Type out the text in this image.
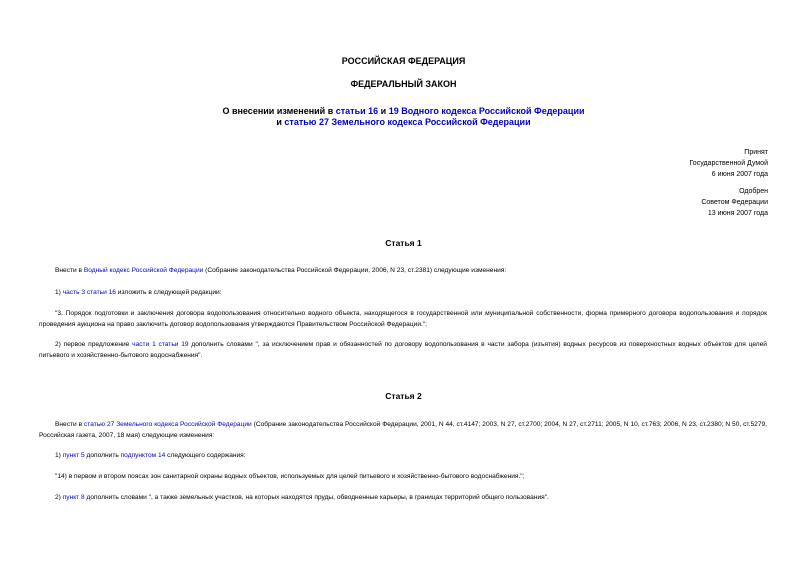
РОССИЙСКАЯ ФЕДЕРАЦИЯ
ФЕДЕРАЛЬНЫЙ ЗАКОН
О внесении изменений в статьи 16 и 19 Водного кодекса Российской Федерации
и статью 27 Земельного кодекса Российской Федерации
Принят
Государственной Думой
6 июня 2007 года
Одобрен
Советом Федерации
13 июня 2007 года
Статья 1
Внести в Водный кодекс Российской Федерации (Собрание законодательства Российской Федерации, 2006, N 23, ст.2381) следующие изменения:
1) часть 3 статьи 16 изложить в следующей редакции:
"3. Порядок подготовки и заключения договора водопользования относительно водного объекта, находящегося в государственной или муниципальной собственности, форма примерного договора водопользования и порядок проведения аукциона на право заключить договор водопользования утверждаются Правительством Российской Федерации.";
2) первое предложение части 1 статьи 19 дополнить словами ", за исключением прав и обязанностей по договору водопользования в части забора (изъятия) водных ресурсов из поверхностных водных объектов для целей питьевого и хозяйственно-бытового водоснабжения".
Статья 2
Внести в статью 27 Земельного кодекса Российской Федерации (Собрание законодательства Российской Федерации, 2001, N 44, ст.4147; 2003, N 27, ст.2700; 2004, N 27, ст.2711; 2005, N 10, ст.763; 2006, N 23, ст.2380; N 50, ст.5279, Российская газета, 2007, 18 мая) следующие изменения:
1) пункт 5 дополнить подпунктом 14 следующего содержания:
"14) в первом и втором поясах зон санитарной охраны водных объектов, используемых для целей питьевого и хозяйственно-бытового водоснабжения.";
2) пункт 8 дополнить словами ", а также земельных участков, на которых находятся пруды, обводненные карьеры, в границах территорий общего пользования".
